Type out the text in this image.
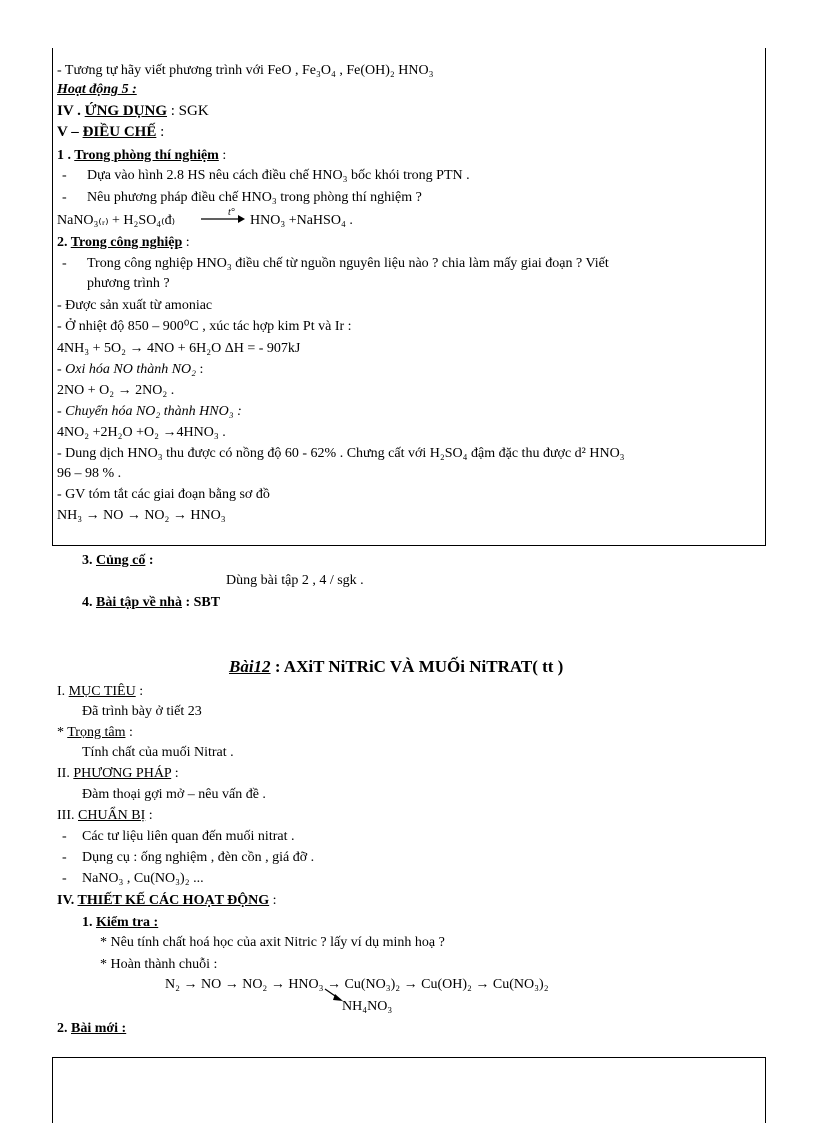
- Tương tự hãy viết phương trình với FeO , Fe₃O₄ , Fe(OH)₂ HNO₃
Hoạt động 5 :
IV . ỨNG DỤNG : SGK
V – ĐIỀU CHẾ :
1 . Trong phòng thí nghiệm :
- Dựa vào hình 2.8 HS nêu cách điều chế HNO₃ bốc khói trong PTN .
- Nêu phương pháp điều chế HNO₃ trong phòng thí nghiệm ?
NaNO₃₍ᵣ₎ + H₂SO₄₍đ₎
t°
→ HNO₃ +NaHSO₄ .
2. Trong công nghiệp :
- Trong công nghiệp HNO₃ điều chế từ nguồn nguyên liệu nào ? chia làm mấy giai đoạn ? Viết
phương trình ?
- Được sản xuất từ amoniac
- Ở nhiệt độ 850 – 900⁰C , xúc tác hợp kim Pt và Ir :
4NH₃ + 5O₂ → 4NO + 6H₂O ΔH = - 907kJ
- Oxi hóa NO thành NO₂ :
2NO + O₂ → 2NO₂ .
- Chuyển hóa NO₂ thành HNO₃ :
4NO₂ +2H₂O +O₂ →4HNO₃ .
- Dung dịch HNO₃ thu được có nồng độ 60 - 62% . Chưng cất với H₂SO₄ đậm đặc thu được d² HNO₃
96 – 98 % .
- GV tóm tắt các giai đoạn bằng sơ đồ
NH₃ → NO → NO₂ → HNO₃
3. Củng cố :
Dùng bài tập 2 , 4 / sgk .
4. Bài tập về nhà : SBT
Bài12 : AXiT NiTRiC VÀ MUỐi NiTRAT( tt )
I. MỤC TIÊU :
Đã trình bày ở tiết 23
* Trọng tâm :
Tính chất của muối Nitrat .
II. PHƯƠNG PHÁP :
Đàm thoại gợi mở – nêu vấn đề .
III. CHUẨN BỊ :
- Các tư liệu liên quan đến muối nitrat .
- Dụng cụ : ống nghiệm , đèn cồn , giá đỡ .
- NaNO₃ , Cu(NO₃)₂ ...
IV. THIẾT KẾ CÁC HOẠT ĐỘNG :
1. Kiểm tra :
* Nêu tính chất hoá học của axit Nitric ? lấy ví dụ minh hoạ ?
* Hoàn thành chuỗi :
N₂ → NO → NO₂ → HNO₃ → Cu(NO₃)₂ → Cu(OH)₂ → Cu(NO₃)₂
NH₄NO₃
2. Bài mới :
